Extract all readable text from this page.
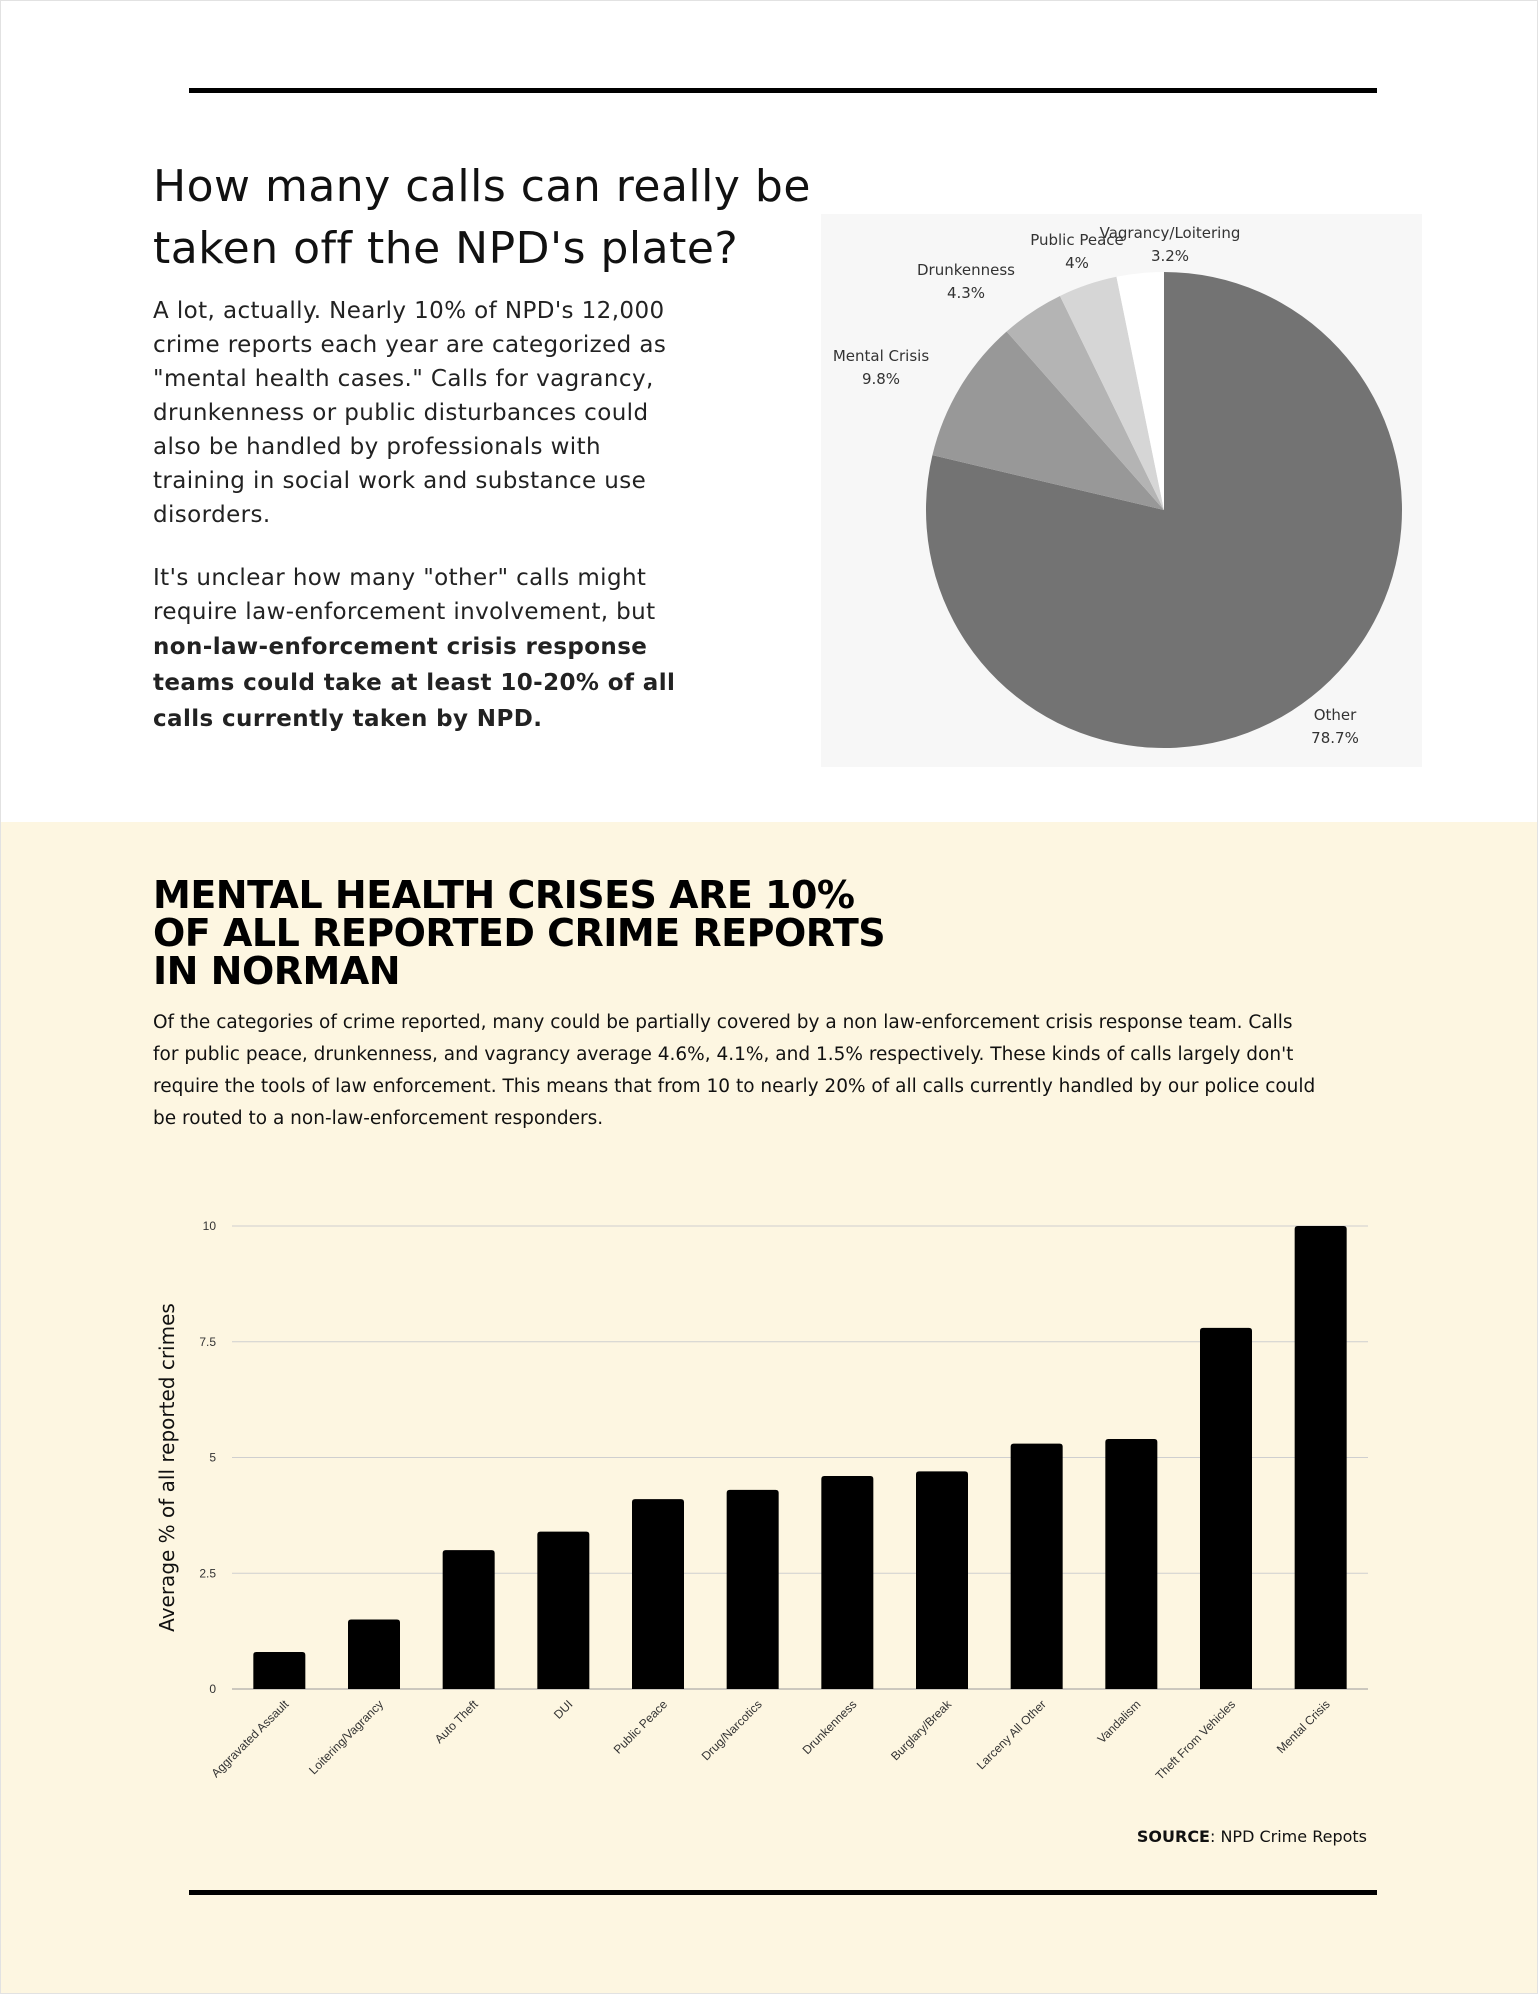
How many calls can really be taken off the NPD's plate?

A lot, actually. Nearly 10% of NPD's 12,000 crime reports each year are categorized as "mental health cases." Calls for vagrancy, drunkenness or public disturbances could also be handled by professionals with training in social work and substance use disorders.

It's unclear how many "other" calls might require law-enforcement involvement, but
non-law-enforcement crisis response teams could take at least 10-20% of all calls currently taken by NPD.	Other
78.7%
Mental Crisis
9.8%
Drunkenness
4.3%
Public Peace
4%
Vagrancy/Loitering
3.2%
MENTAL HEALTH CRISES ARE 10% OF ALL REPORTED CRIME REPORTS IN NORMAN

Of the categories of crime reported, many could be partially covered by a non law-enforcement crisis response team. Calls for public peace, drunkenness, and vagrancy average 4.6%, 4.1%, and 1.5% respectively. These kinds of calls largely don't require the tools of law enforcement. This means that from 10 to nearly 20% of all calls currently handled by our police could be routed to a non-law-enforcement responders.

0
2.5
5
7.5
10
Average % of all reported crimes
Aggravated Assault Loitering/Vagrancy	Auto Theft	DUI	Public Peace Drug/Narcotics	Drunkenness Burglary/Break Larceny All Other	Vandalism Theft From Vehicles	Mental Crisis
SOURCE: NPD Crime Repots
